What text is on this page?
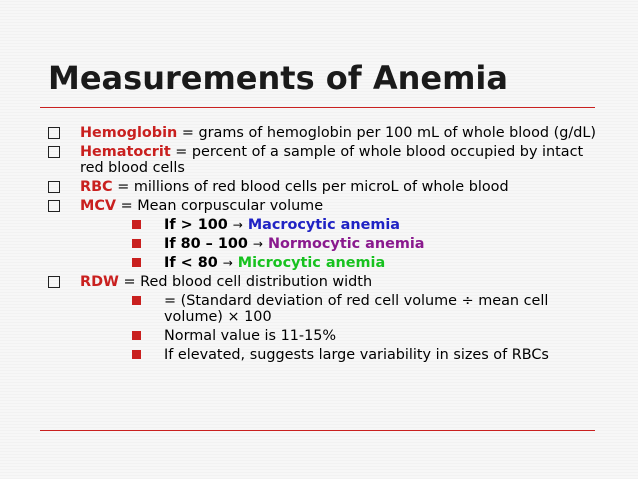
Measurements of Anemia
Hemoglobin = grams of hemoglobin per 100 mL of whole blood (g/dL)
Hematocrit = percent of a sample of whole blood occupied by intact red blood cells
RBC = millions of red blood cells per microL of whole blood
MCV = Mean corpuscular volume
If > 100 → Macrocytic anemia
If 80 – 100 → Normocytic anemia
If < 80 → Microcytic anemia
RDW = Red blood cell distribution width
= (Standard deviation of red cell volume ÷ mean cell volume) × 100
Normal value is 11-15%
If elevated, suggests large variability in sizes of RBCs
